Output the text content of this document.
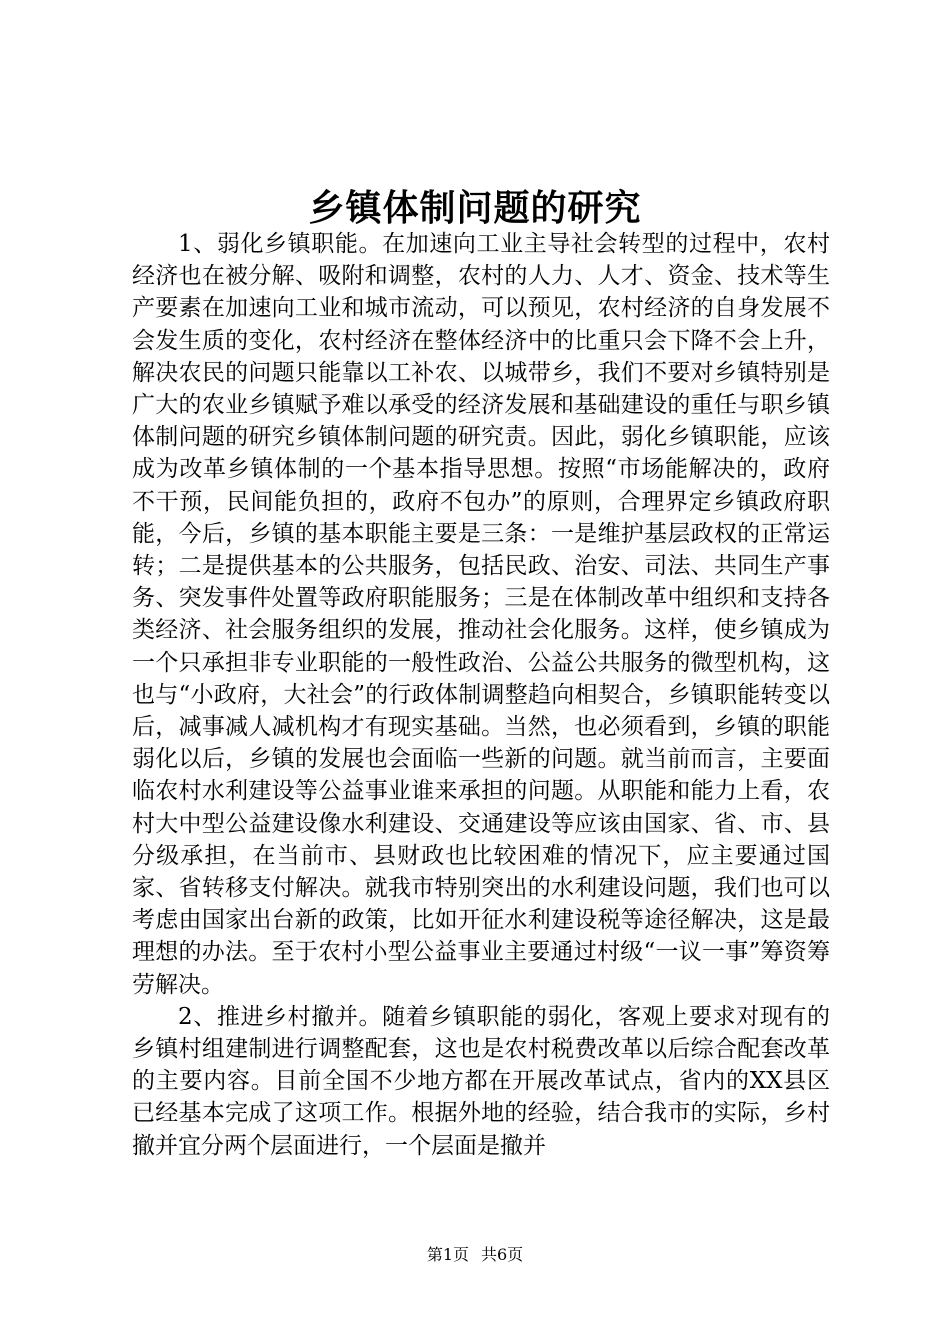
乡镇体制问题的研究

1、弱化乡镇职能。在加速向工业主导社会转型的过程中，农村经济也在被分解、吸附和调整，农村的人力、人才、资金、技术等生产要素在加速向工业和城市流动，可以预见，农村经济的自身发展不会发生质的变化，农村经济在整体经济中的比重只会下降不会上升，解决农民的问题只能靠以工补农、以城带乡，我们不要对乡镇特别是广大的农业乡镇赋予难以承受的经济发展和基础建设的重任与职乡镇体制问题的研究乡镇体制问题的研究责。因此，弱化乡镇职能，应该成为改革乡镇体制的一个基本指导思想。按照“市场能解决的，政府不干预，民间能负担的，政府不包办”的原则，合理界定乡镇政府职能，今后，乡镇的基本职能主要是三条：一是维护基层政权的正常运转；二是提供基本的公共服务，包括民政、治安、司法、共同生产事务、突发事件处置等政府职能服务；三是在体制改革中组织和支持各类经济、社会服务组织的发展，推动社会化服务。这样，使乡镇成为一个只承担非专业职能的一般性政治、公益公共服务的微型机构，这也与“小政府，大社会”的行政体制调整趋向相契合，乡镇职能转变以后，减事减人减机构才有现实基础。当然，也必须看到，乡镇的职能弱化以后，乡镇的发展也会面临一些新的问题。就当前而言，主要面临农村水利建设等公益事业谁来承担的问题。从职能和能力上看，农村大中型公益建设像水利建设、交通建设等应该由国家、省、市、县分级承担，在当前市、县财政也比较困难的情况下，应主要通过国家、省转移支付解决。就我市特别突出的水利建设问题，我们也可以考虑由国家出台新的政策，比如开征水利建设税等途径解决，这是最理想的办法。至于农村小型公益事业主要通过村级“一议一事”筹资筹劳解决。

2、推进乡村撤并。随着乡镇职能的弱化，客观上要求对现有的乡镇村组建制进行调整配套，这也是农村税费改革以后综合配套改革的主要内容。目前全国不少地方都在开展改革试点，省内的XX县区已经基本完成了这项工作。根据外地的经验，结合我市的实际，乡村撤并宜分两个层面进行，一个层面是撤并

第1页 共6页
